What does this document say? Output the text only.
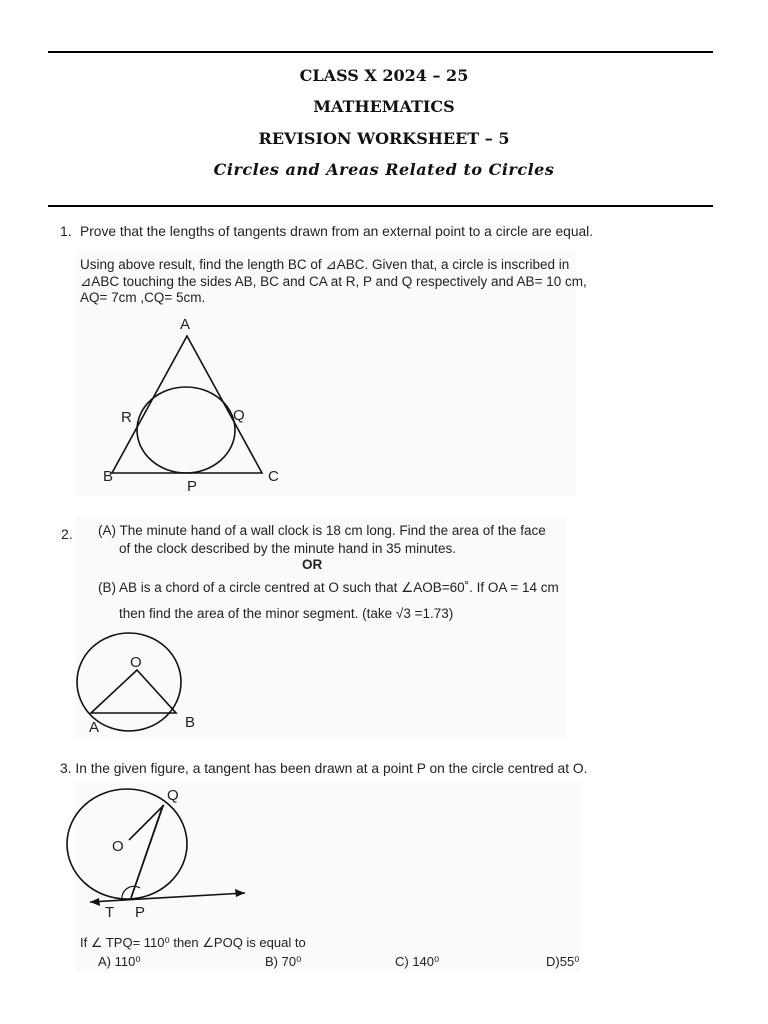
CLASS X 2024 – 25
MATHEMATICS
REVISION WORKSHEET – 5
Circles and Areas Related to Circles
1. Prove that the lengths of tangents drawn from an external point to a circle are equal.
Using above result, find the length BC of ⊿ABC. Given that, a circle is inscribed in
⊿ABC touching the sides AB, BC and CA at R, P and Q respectively and AB= 10 cm,
AQ= 7cm ,CQ= 5cm.
A
R	Q
B	C
P
2. (A) The minute hand of a wall clock is 18 cm long. Find the area of the face
of the clock described by the minute hand in 35 minutes.
OR
(B) AB is a chord of a circle centred at O such that ∠AOB=60˚. If OA = 14 cm
then find the area of the minor segment. (take √3 =1.73)
O
A	B
3. In the given figure, a tangent has been drawn at a point P on the circle centred at O.
Q
O
T P
If ∠ TPQ= 110⁰ then ∠POQ is equal to
A) 110⁰	B) 70⁰	C) 140⁰	D)55⁰
